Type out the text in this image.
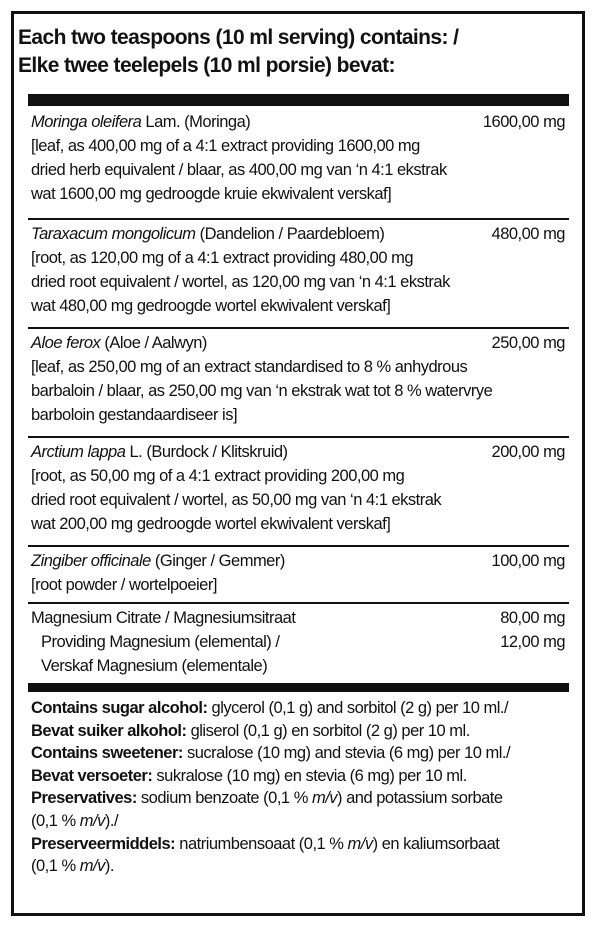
Each two teaspoons (10 ml serving) contains: /
Elke twee teelepels (10 ml porsie) bevat:
Moringa oleifera Lam. (Moringa)	1600,00 mg
[leaf, as 400,00 mg of a 4:1 extract providing 1600,00 mg
dried herb equivalent / blaar, as 400,00 mg van ‘n 4:1 ekstrak
wat 1600,00 mg gedroogde kruie ekwivalent verskaf]
Taraxacum mongolicum (Dandelion / Paardebloem)	480,00 mg
[root, as 120,00 mg of a 4:1 extract providing 480,00 mg
dried root equivalent / wortel, as 120,00 mg van ‘n 4:1 ekstrak
wat 480,00 mg gedroogde wortel ekwivalent verskaf]
Aloe ferox (Aloe / Aalwyn)	250,00 mg
[leaf, as 250,00 mg of an extract standardised to 8 % anhydrous
barbaloin / blaar, as 250,00 mg van ‘n ekstrak wat tot 8 % watervrye
barboloin gestandaardiseer is]
Arctium lappa L. (Burdock / Klitskruid)	200,00 mg
[root, as 50,00 mg of a 4:1 extract providing 200,00 mg
dried root equivalent / wortel, as 50,00 mg van ‘n 4:1 ekstrak
wat 200,00 mg gedroogde wortel ekwivalent verskaf]
Zingiber officinale (Ginger / Gemmer)	100,00 mg
[root powder / wortelpoeier]
Magnesium Citrate / Magnesiumsitraat	80,00 mg
Providing Magnesium (elemental) /	12,00 mg
Verskaf Magnesium (elementale)
Contains sugar alcohol: glycerol (0,1 g) and sorbitol (2 g) per 10 ml./
Bevat suiker alkohol: gliserol (0,1 g) en sorbitol (2 g) per 10 ml.
Contains sweetener: sucralose (10 mg) and stevia (6 mg) per 10 ml./
Bevat versoeter: sukralose (10 mg) en stevia (6 mg) per 10 ml.
Preservatives: sodium benzoate (0,1 % m/v) and potassium sorbate
(0,1 % m/v)./
Preserveermiddels: natriumbensoaat (0,1 % m/v) en kaliumsorbaat
(0,1 % m/v).
